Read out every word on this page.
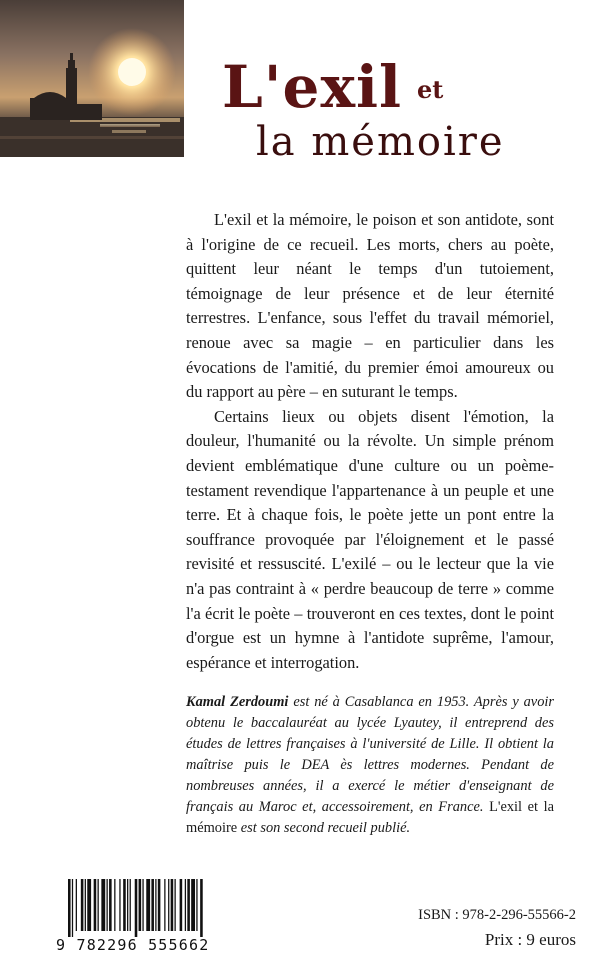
L'exil et
la mémoire

L'exil et la mémoire, le poison et son antidote, sont à l'origine de ce recueil. Les morts, chers au poète, quittent leur néant le temps d'un tutoiement, témoignage de leur présence et de leur éternité terrestres. L'enfance, sous l'effet du travail mémoriel, renoue avec sa magie – en particulier dans les évocations de l'amitié, du premier émoi amoureux ou du rapport au père – en suturant le temps.

Certains lieux ou objets disent l'émotion, la douleur, l'humanité ou la révolte. Un simple prénom devient emblématique d'une culture ou un poème-testament revendique l'appartenance à un peuple et une terre. Et à chaque fois, le poète jette un pont entre la souffrance provoquée par l'éloignement et le passé revisité et ressuscité. L'exilé – ou le lecteur que la vie n'a pas contraint à « perdre beaucoup de terre » comme l'a écrit le poète – trouveront en ces textes, dont le point d'orgue est un hymne à l'antidote suprême, l'amour, espérance et interrogation.

Kamal Zerdoumi est né à Casablanca en 1953. Après y avoir obtenu le baccalauréat au lycée Lyautey, il entreprend des études de lettres françaises à l'université de Lille. Il obtient la maîtrise puis le DEA ès lettres modernes. Pendant de nombreuses années, il a exercé le métier d'enseignant de français au Maroc et, accessoirement, en France. L'exil et la mémoire est son second recueil publié.
9 782296 555662
ISBN : 978-2-296-55566-2
Prix : 9 euros
